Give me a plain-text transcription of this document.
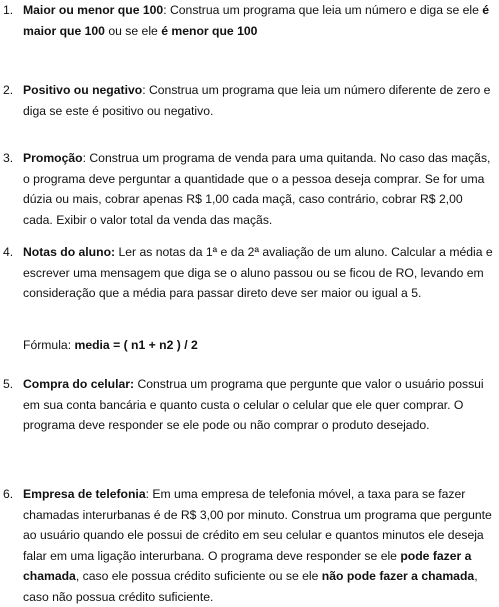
1. Maior ou menor que 100: Construa um programa que leia um número e diga se ele é maior que 100 ou se ele é menor que 100
2. Positivo ou negativo: Construa um programa que leia um número diferente de zero e diga se este é positivo ou negativo.
3. Promoção: Construa um programa de venda para uma quitanda. No caso das maçãs, o programa deve perguntar a quantidade que o a pessoa deseja comprar. Se for uma dúzia ou mais, cobrar apenas R$ 1,00 cada maçã, caso contrário, cobrar R$ 2,00 cada. Exibir o valor total da venda das maçãs.
4. Notas do aluno: Ler as notas da 1ª e da 2ª avaliação de um aluno. Calcular a média e escrever uma mensagem que diga se o aluno passou ou se ficou de RO, levando em consideração que a média para passar direto deve ser maior ou igual a 5.
Fórmula: media = ( n1 + n2 ) / 2
5. Compra do celular: Construa um programa que pergunte que valor o usuário possui em sua conta bancária e quanto custa o celular o celular que ele quer comprar. O programa deve responder se ele pode ou não comprar o produto desejado.
6. Empresa de telefonia: Em uma empresa de telefonia móvel, a taxa para se fazer chamadas interurbanas é de R$ 3,00 por minuto. Construa um programa que pergunte ao usuário quando ele possui de crédito em seu celular e quantos minutos ele deseja falar em uma ligação interurbana. O programa deve responder se ele pode fazer a chamada, caso ele possua crédito suficiente ou se ele não pode fazer a chamada, caso não possua crédito suficiente.
